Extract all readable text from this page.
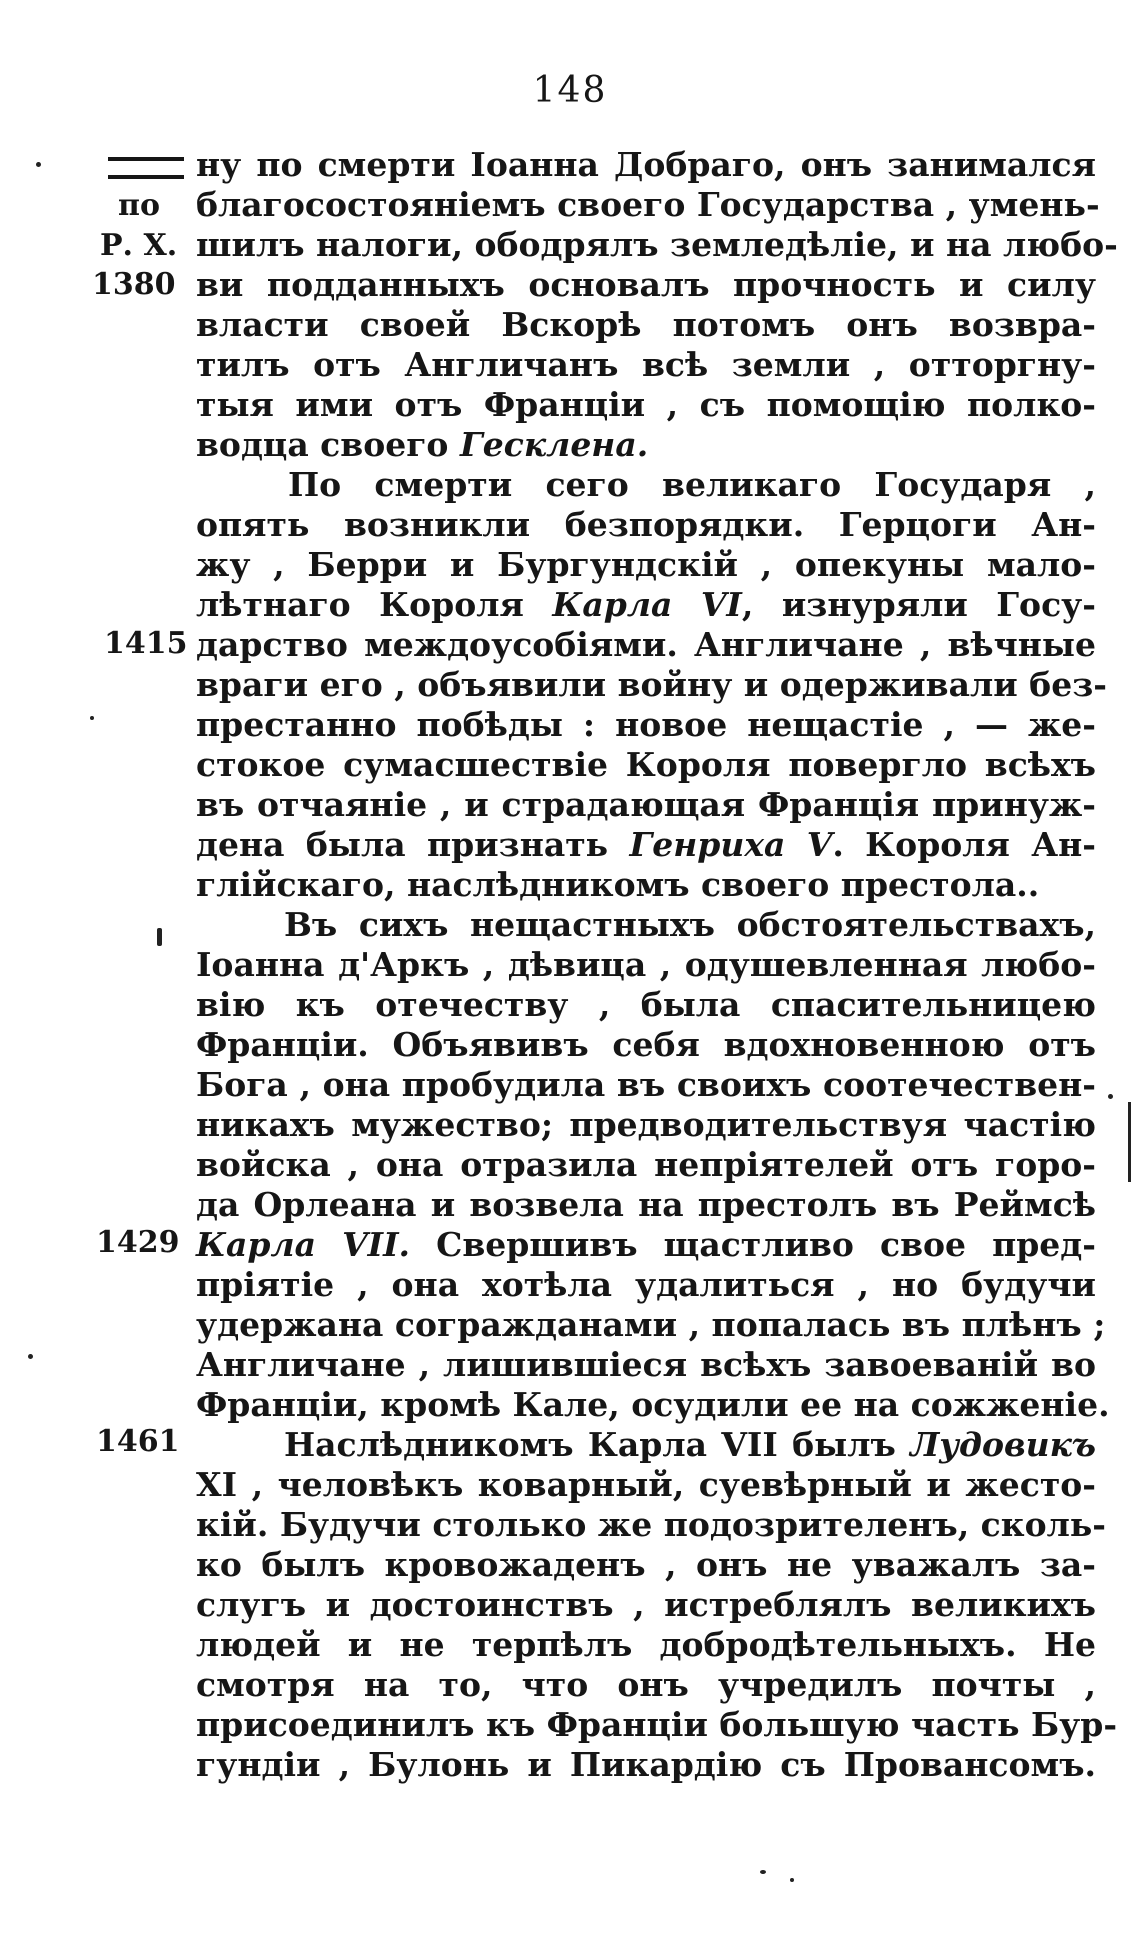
148
по
Р. Х.
1380
1415
1429
1461
ну по смерти Іоанна Добраго, онъ занимался
благосостояніемъ своего Государства , умень-
шилъ налоги, ободрялъ земледѣліе, и на любо-
ви подданныхъ основалъ прочность и силу
власти своей Вскорѣ потомъ онъ возвра-
тилъ отъ Англичанъ всѣ земли , отторгну-
тыя ими отъ Франціи , съ помощію полко-
водца своего Гесклена.
По смерти сего великаго Государя ,
опять возникли безпорядки. Герцоги Ан-
жу , Берри и Бургундскій , опекуны мало-
лѣтнаго Короля Карла VI, изнуряли Госу-
дарство междоусобіями. Англичане , вѣчные
враги его , объявили войну и одерживали без-
престанно побѣды : новое нещастіе , — же-
стокое сумасшествіе Короля повергло всѣхъ
въ отчаяніе , и страдающая Франція принуж-
дена была признать Генриха V. Короля Ан-
глійскаго, наслѣдникомъ своего престола..
Въ сихъ нещастныхъ обстоятельствахъ,
Іоанна д'Аркъ , дѣвица , одушевленная любо-
вію къ отечеству , была спасительницею
Франціи. Объявивъ себя вдохновенною отъ
Бога , она пробудила въ своихъ соотечествен-
никахъ мужество; предводительствуя частію
войска , она отразила непріятелей отъ горо-
да Орлеана и возвела на престолъ въ Реймсѣ
Карла VII. Свершивъ щастливо свое пред-
пріятіе , она хотѣла удалиться , но будучи
удержана согражданами , попалась въ плѣнъ ;
Англичане , лишившіеся всѣхъ завоеваній во
Франціи, кромѣ Кале, осудили ее на сожженіе.
Наслѣдникомъ Карла VII былъ Лудовикъ
XI , человѣкъ коварный, суевѣрный и жесто-
кій. Будучи столько же подозрителенъ, сколь-
ко былъ кровожаденъ , онъ не уважалъ за-
слугъ и достоинствъ , истреблялъ великихъ
людей и не терпѣлъ добродѣтельныхъ. Не
смотря на то, что онъ учредилъ почты ,
присоединилъ къ Франціи большую часть Бур-
гундіи , Булонь и Пикардію съ Провансомъ.
